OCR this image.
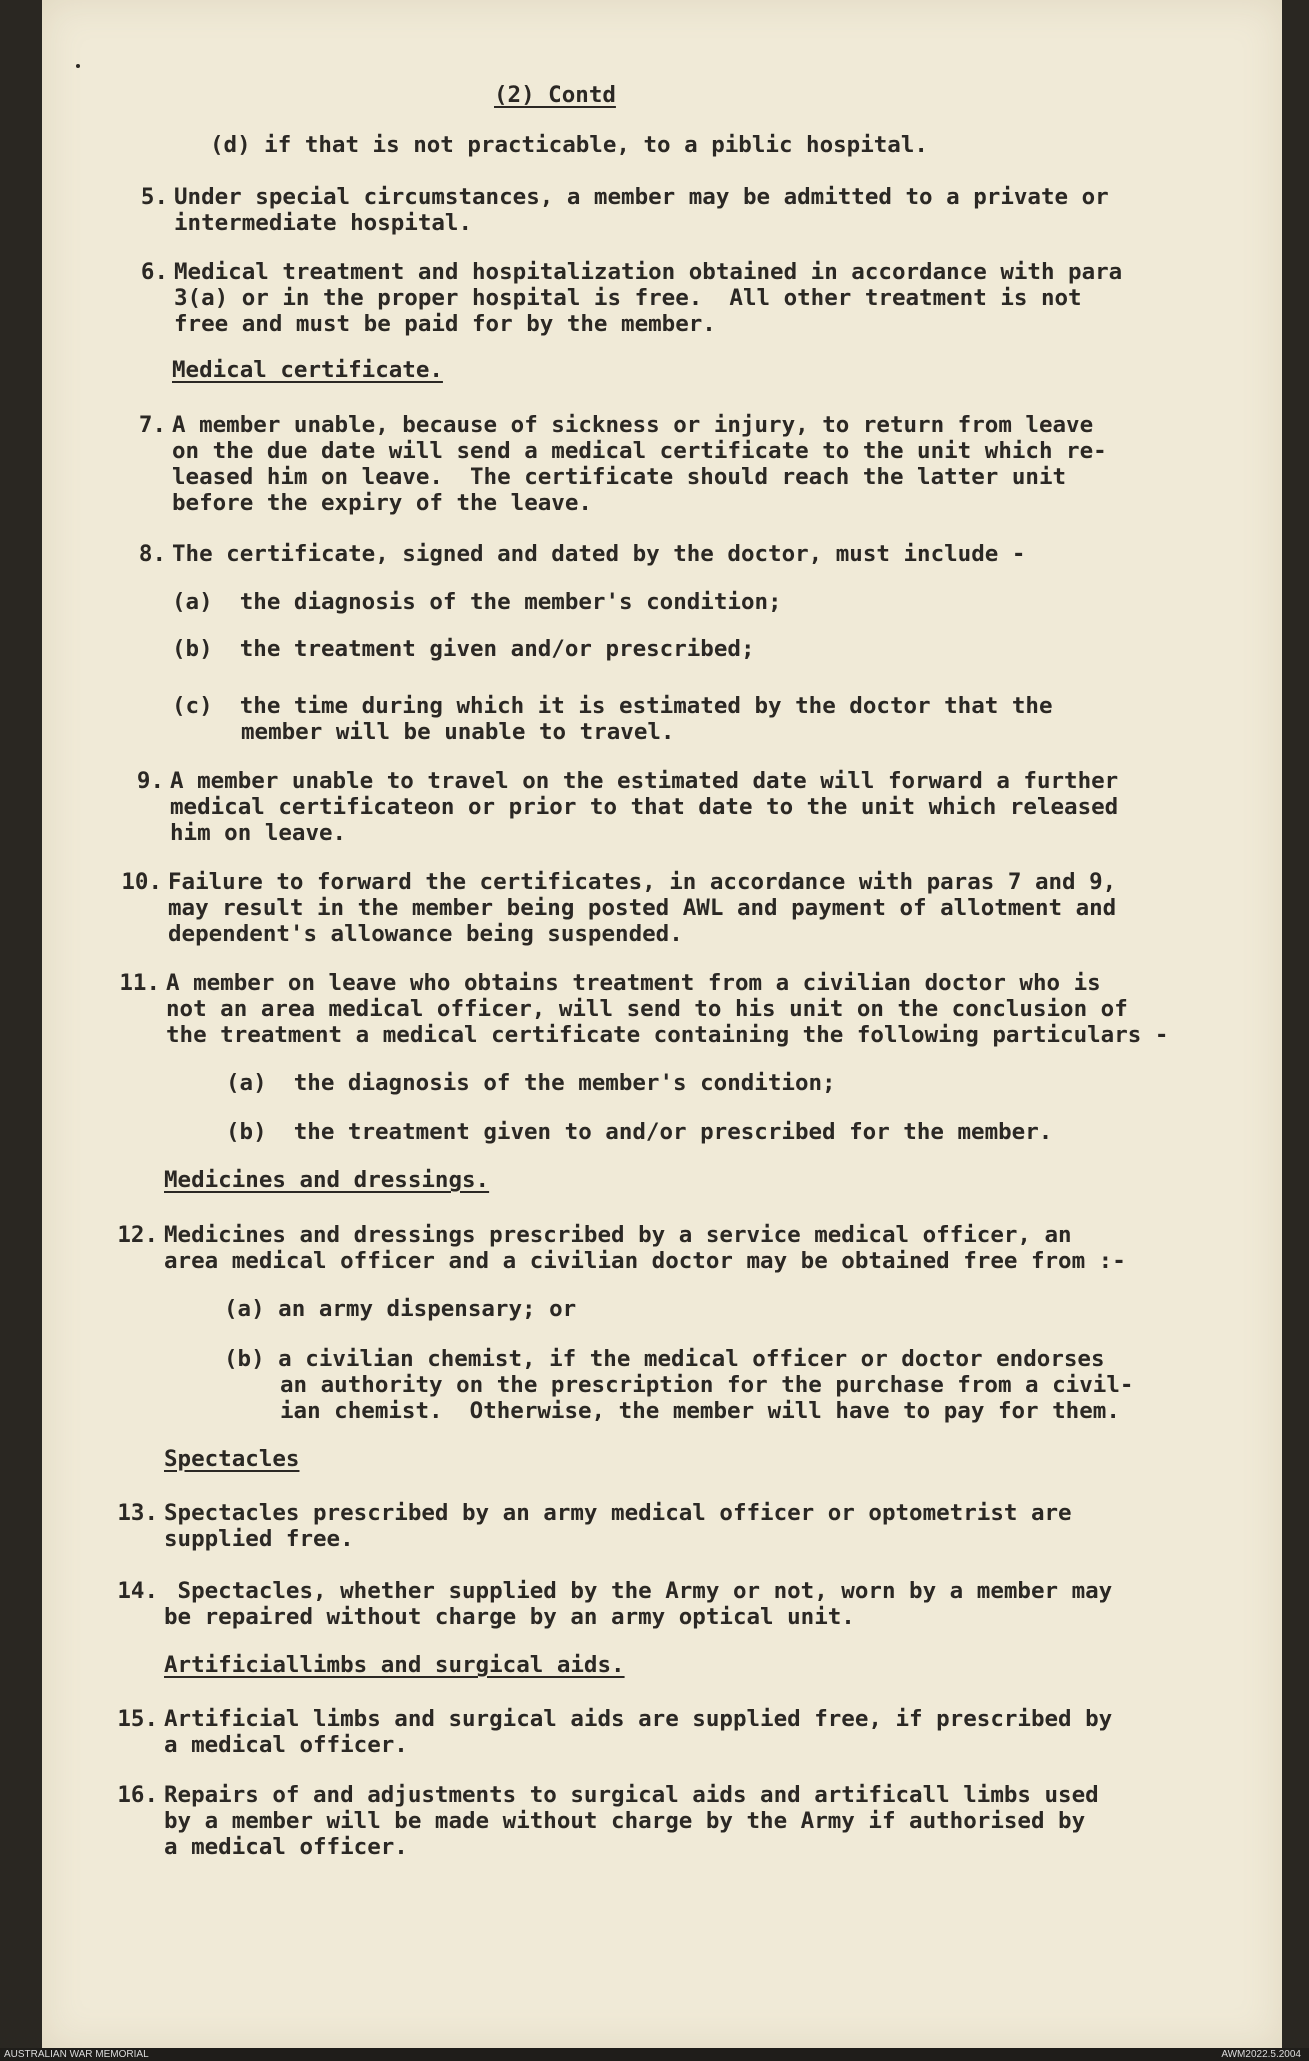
(2) Contd
(d) if that is not practicable, to a piblic hospital.
5. Under special circumstances, a member may be admitted to a private or
intermediate hospital.
6. Medical treatment and hospitalization obtained in accordance with para
3(a) or in the proper hospital is free.  All other treatment is not
free and must be paid for by the member.
Medical certificate.
7. A member unable, because of sickness or injury, to return from leave
on the due date will send a medical certificate to the unit which re-
leased him on leave.  The certificate should reach the latter unit
before the expiry of the leave.
8. The certificate, signed and dated by the doctor, must include -
(a)  the diagnosis of the member's condition;
(b)  the treatment given and/or prescribed;
(c)  the time during which it is estimated by the doctor that the
member will be unable to travel.
9. A member unable to travel on the estimated date will forward a further
medical certificateon or prior to that date to the unit which released
him on leave.
10. Failure to forward the certificates, in accordance with paras 7 and 9,
may result in the member being posted AWL and payment of allotment and
dependent's allowance being suspended.
11. A member on leave who obtains treatment from a civilian doctor who is
not an area medical officer, will send to his unit on the conclusion of
the treatment a medical certificate containing the following particulars -
(a)  the diagnosis of the member's condition;
(b)  the treatment given to and/or prescribed for the member.
Medicines and dressings.
12. Medicines and dressings prescribed by a service medical officer, an
area medical officer and a civilian doctor may be obtained free from :-
(a) an army dispensary; or
(b) a civilian chemist, if the medical officer or doctor endorses
an authority on the prescription for the purchase from a civil-
ian chemist.  Otherwise, the member will have to pay for them.
Spectacles
13. Spectacles prescribed by an army medical officer or optometrist are
supplied free.
14. Spectacles, whether supplied by the Army or not, worn by a member may
be repaired without charge by an army optical unit.
Artificiallimbs and surgical aids.
15. Artificial limbs and surgical aids are supplied free, if prescribed by
a medical officer.
16. Repairs of and adjustments to surgical aids and artificall limbs used
by a member will be made without charge by the Army if authorised by
a medical officer.
AUSTRALIAN WAR MEMORIAL	AWM2022.5.2004
